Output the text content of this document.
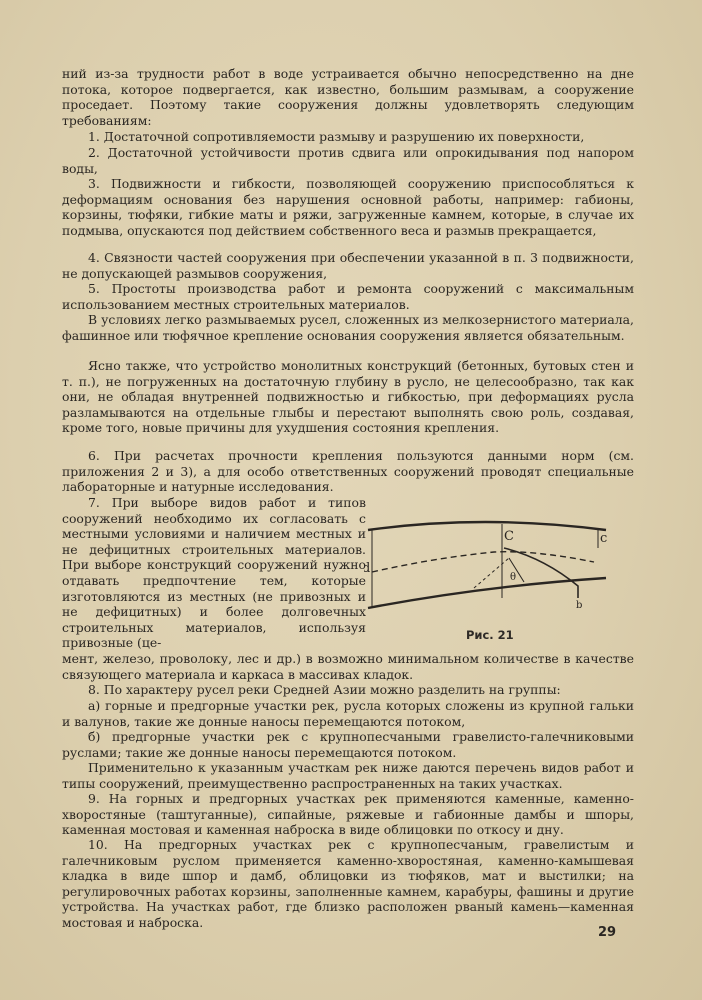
ний из-за трудности работ в воде устраивается обычно непосредственно на дне потока, которое подвергается, как известно, большим размывам, а сооружение проседает. Поэтому такие сооружения должны удовлетворять следующим требованиям:
1. Достаточной сопротивляемости размыву и разрушению их поверхности,
2. Достаточной устойчивости против сдвига или опрокидывания под напором воды,
3. Подвижности и гибкости, позволяющей сооружению приспособляться к деформациям основания без нарушения основной работы, например: габионы, корзины, тюфяки, гибкие маты и ряжи, загруженные камнем, которые, в случае их подмыва, опускаются под действием собственного веса и размыв прекращается,
4. Связности частей сооружения при обеспечении указанной в п. 3 подвижности, не допускающей размывов сооружения,
5. Простоты производства работ и ремонта сооружений с максимальным использованием местных строительных материалов.
В условиях легко размываемых русел, сложенных из мелкозернистого материала, фашинное или тюфячное крепление основания сооружения является обязательным.
Ясно также, что устройство монолитных конструкций (бетонных, бутовых стен и т. п.), не погруженных на достаточную глубину в русло, не целесообразно, так как они, не обладая внутренней подвижностью и гибкостью, при деформациях русла разламываются на отдельные глыбы и перестают выполнять свою роль, создавая, кроме того, новые причины для ухудшения состояния крепления.
6. При расчетах прочности крепления пользуются данными норм (см. приложения 2 и 3), а для особо ответственных сооружений проводят специальные лабораторные и натурные исследования.
7. При выборе видов работ и типов сооружений необходимо их согласовать с местными условиями и наличием местных и не дефицитных строительных материалов. При выборе конструкций сооружений нужно отдавать предпочтение тем, которые изготовляются из местных (не привозных и не дефицитных) и более долговечных строительных материалов, используя привозные (це-
мент, железо, проволоку, лес и др.) в возможно минимальном количестве в качестве связующего материала и каркаса в массивах кладок.
C	c
d
θ
b
Рис. 21
8. По характеру русел реки Средней Азии можно разделить на группы:
а) горные и предгорные участки рек, русла которых сложены из крупной гальки и валунов, такие же донные наносы перемещаются потоком,
б) предгорные участки рек с крупнопесчаными гравелисто-галечниковыми руслами; такие же донные наносы перемещаются потоком.
Применительно к указанным участкам рек ниже даются перечень видов работ и типы сооружений, преимущественно распространенных на таких участках.
9. На горных и предгорных участках рек применяются каменные, каменно-хворостяные (таштуганные), сипайные, ряжевые и габионные дамбы и шпоры, каменная мостовая и каменная наброска в виде облицовки по откосу и дну.
10. На предгорных участках рек с крупнопесчаным, гравелистым и галечниковым руслом применяется каменно-хворостяная, каменно-камышевая кладка в виде шпор и дамб, облицовки из тюфяков, мат и выстилки; на регулировочных работах корзины, заполненные камнем, карабуры, фашины и другие устройства. На участках работ, где близко расположен рваный камень—каменная мостовая и наброска.
29
